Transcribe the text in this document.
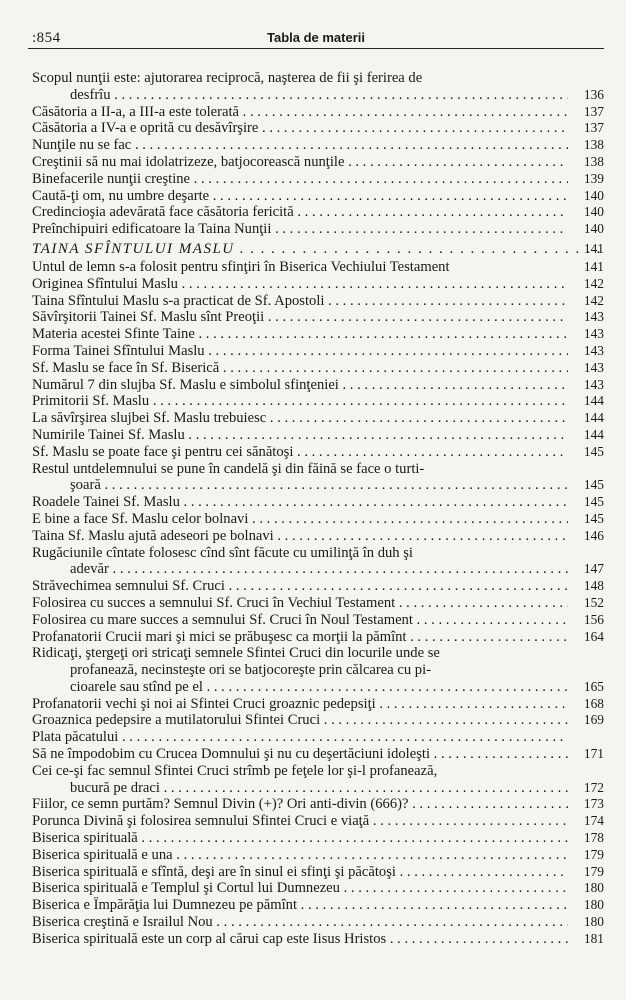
:854	Tabla de materii
Scopul nunţii este: ajutorarea reciprocă, naşterea de fii şi ferirea de
desfrîu . . .	136
Căsătoria a II-a, a III-a este tolerată . . .	137
Căsătoria a IV-a e oprită cu desăvîrşire . . .	137
Nunţile nu se fac . . .	138
Creştinii să nu mai idolatrizeze, batjocorească nunţile . . .	138
Binefacerile nunţii creştine . . .	139
Caută-ţi om, nu umbre deşarte . . .	140
Credincioşia adevărată face căsătoria fericită . . .	140
Preînchipuiri edificatoare la Taina Nunţii . . .	140
TAINA SFÎNTULUI MASLU	141
. . .
Untul de lemn s-a folosit pentru sfinţiri în Biserica Vechiului Testament	141
Originea Sfîntului Maslu . . .	142
Taina Sfîntului Maslu s-a practicat de Sf. Apostoli . . .	142
Săvîrşitorii Tainei Sf. Maslu sînt Preoţii . . .	143
Materia acestei Sfinte Taine . . .	143
Forma Tainei Sfîntului Maslu . . .	143
Sf. Maslu se face în Sf. Biserică . . .	143
Numărul 7 din slujba Sf. Maslu e simbolul sfinţeniei . . .	143
Primitorii Sf. Maslu . . .	144
La săvîrşirea slujbei Sf. Maslu trebuiesc . . .	144
Numirile Tainei Sf. Maslu . . .	144
Sf. Maslu se poate face şi pentru cei sănătoşi . . .	145
Restul untdelemnului se pune în candelă şi din făină se face o turti-
şoară . . .	145
Roadele Tainei Sf. Maslu . . .	145
E bine a face Sf. Maslu celor bolnavi . . .	145
Taina Sf. Maslu ajută adeseori pe bolnavi . . .	146
Rugăciunile cîntate folosesc cînd sînt făcute cu umilinţă în duh şi
adevăr . . .	147
Străvechimea semnului Sf. Cruci . . .	148
Folosirea cu succes a semnului Sf. Cruci în Vechiul Testament . . .	152
Folosirea cu mare succes a semnului Sf. Cruci în Noul Testament . . .	156
Profanatorii Crucii mari şi mici se prăbuşesc ca morţii la pămînt . . .	164
Ridicaţi, ştergeţi ori stricaţi semnele Sfintei Cruci din locurile unde se
profanează, necinsteşte ori se batjocoreşte prin călcarea cu pi-
cioarele sau stînd pe el . . .	165
Profanatorii vechi şi noi ai Sfintei Cruci groaznic pedepsiţi . . .	168
Groaznica pedepsire a mutilatorului Sfintei Cruci . . .	169
Plata păcatului . . .
Să ne împodobim cu Crucea Domnului şi nu cu deşertăciuni idoleşti . . .	171
Cei ce-şi fac semnul Sfintei Cruci strîmb pe feţele lor şi-l profanează,
bucură pe draci . . .	172
Fiilor, ce semn purtăm? Semnul Divin (+)? Ori anti-divin (666)? . . .	173
Porunca Divină şi folosirea semnului Sfintei Cruci e viaţă . . .	174
Biserica spirituală . . .	178
Biserica spirituală e una . . .	179
Biserica spirituală e sfîntă, deşi are în sinul ei sfinţi şi păcătoşi . . .	179
Biserica spirituală e Templul şi Cortul lui Dumnezeu . . .	180
Biserica e Împărăţia lui Dumnezeu pe pămînt . . .	180
Biserica creştină e Israilul Nou . . .	180
Biserica spirituală este un corp al cărui cap este Iisus Hristos . . .	181
